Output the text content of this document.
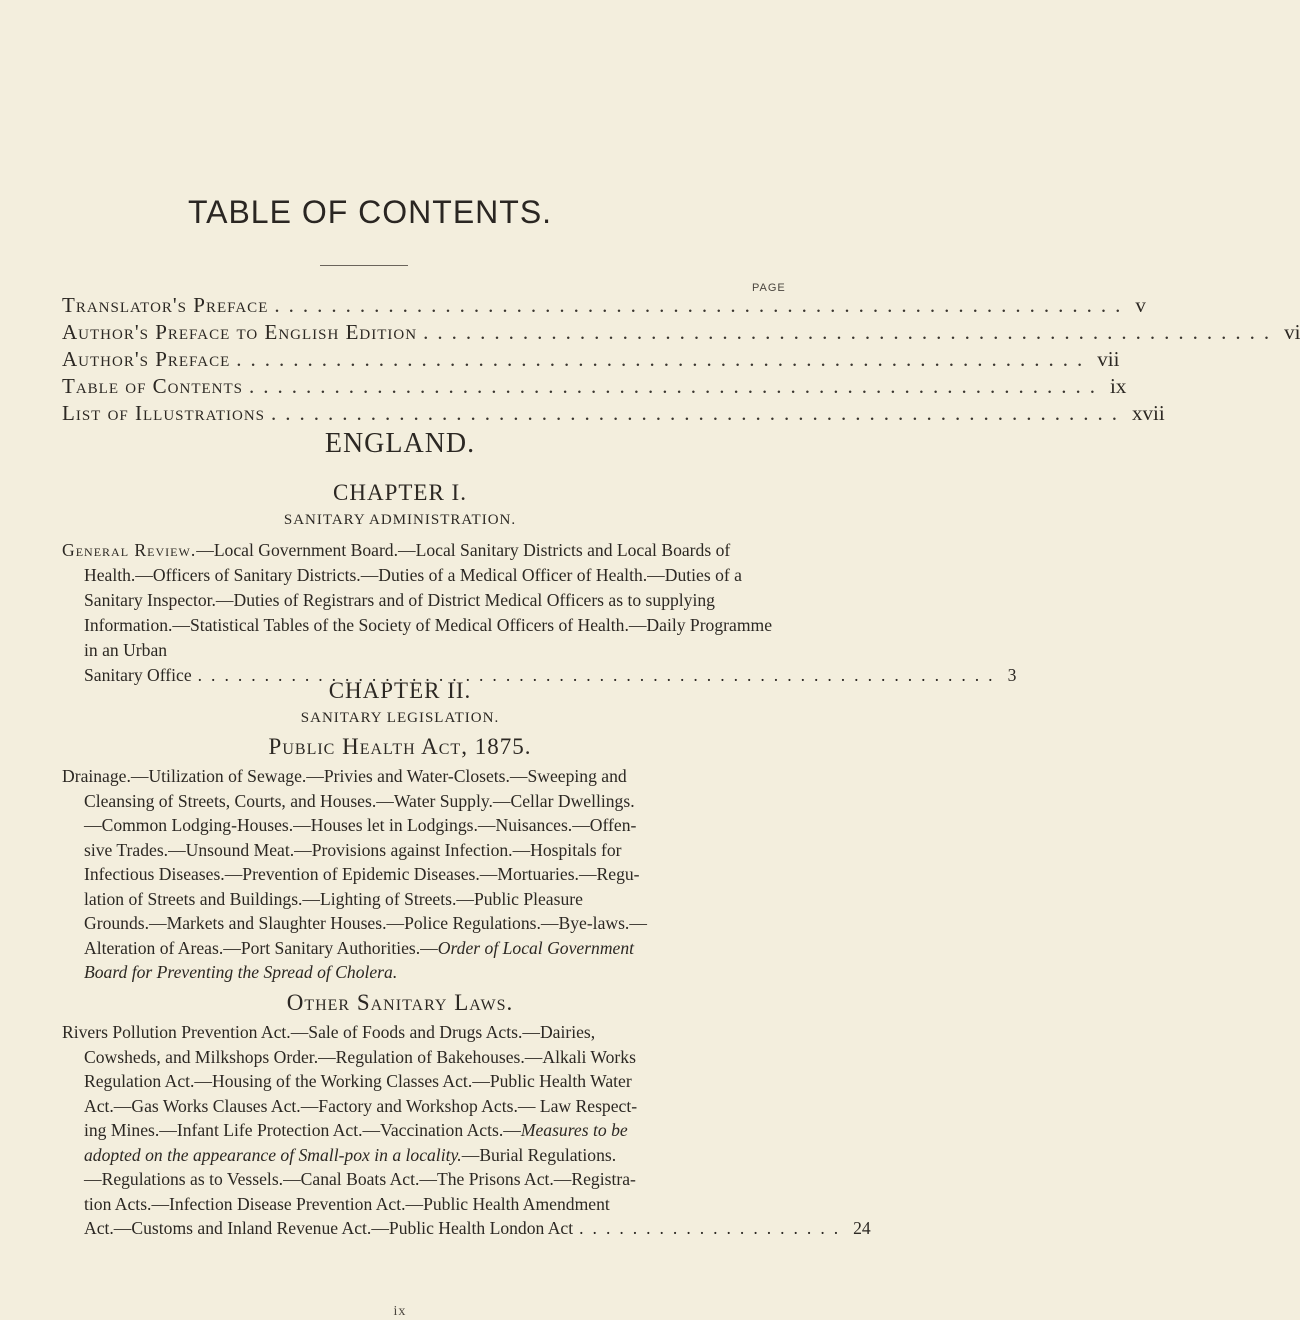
TABLE OF CONTENTS.
PAGE
Translator's Preface ............................................................ v
Author's Preface to English Edition ............................................................ vi
Author's Preface ............................................................ vii
Table of Contents ............................................................ ix
List of Illustrations ............................................................ xvii
ENGLAND.
CHAPTER I.
SANITARY ADMINISTRATION.
General Review.—Local Government Board.—Local Sanitary Districts and Local Boards of Health.—Officers of Sanitary Districts.—Duties of a Medical Officer of Health.—Duties of a Sanitary Inspector.—Duties of Registrars and of District Medical Officers as to supplying Information.—Statistical Tables of the Society of Medical Officers of Health.—Daily Programme in an Urban
Sanitary Office ............................................................ 3
CHAPTER II.
SANITARY LEGISLATION.
Public Health Act, 1875.
Drainage.—Utilization of Sewage.—Privies and Water-Closets.—Sweeping and
Cleansing of Streets, Courts, and Houses.—Water Supply.—Cellar Dwellings.
—Common Lodging-Houses.—Houses let in Lodgings.—Nuisances.—Offen-
sive Trades.—Unsound Meat.—Provisions against Infection.—Hospitals for
Infectious Diseases.—Prevention of Epidemic Diseases.—Mortuaries.—Regu-
lation of Streets and Buildings.—Lighting of Streets.—Public Pleasure
Grounds.—Markets and Slaughter Houses.—Police Regulations.—Bye-laws.—
Alteration of Areas.—Port Sanitary Authorities.—Order of Local Government
Board for Preventing the Spread of Cholera.
Other Sanitary Laws.
Rivers Pollution Prevention Act.—Sale of Foods and Drugs Acts.—Dairies,
Cowsheds, and Milkshops Order.—Regulation of Bakehouses.—Alkali Works
Regulation Act.—Housing of the Working Classes Act.—Public Health Water
Act.—Gas Works Clauses Act.—Factory and Workshop Acts.— Law Respect-
ing Mines.—Infant Life Protection Act.—Vaccination Acts.—Measures to be
adopted on the appearance of Small-pox in a locality.—Burial Regulations.
—Regulations as to Vessels.—Canal Boats Act.—The Prisons Act.—Registra-
tion Acts.—Infection Disease Prevention Act.—Public Health Amendment
Act.—Customs and Inland Revenue Act.—Public Health London Act .................... 24
ix
